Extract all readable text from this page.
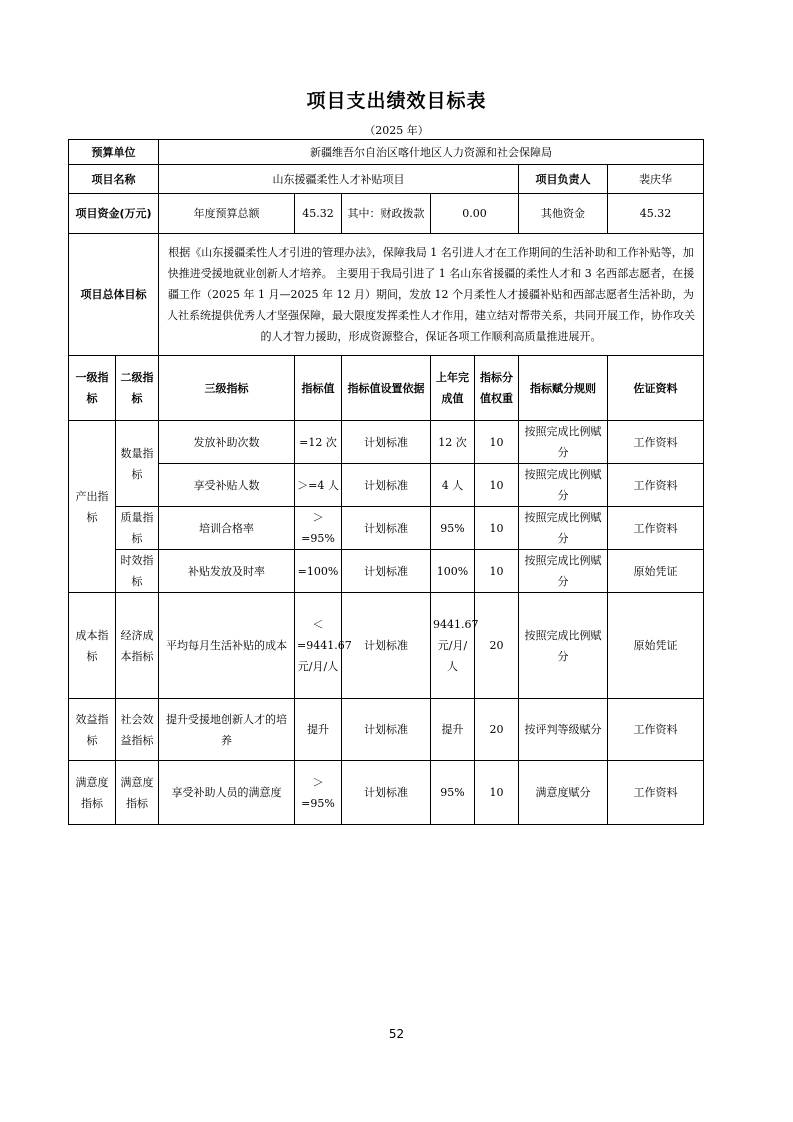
项目支出绩效目标表
（2025 年）
预算单位		新疆维吾尔自治区喀什地区人力资源和社会保障局						
项目名称		山东援疆柔性人才补贴项目					项目负责人	裴庆华
项目资金(万元)		年度预算总额	45.32	其中：财政拨款	0.00		其他资金	45.32
项目总体目标		根据《山东援疆柔性人才引进的管理办法》，保障我局 1 名引进人才在工作期间的生活补助和工作补贴等，加快推进受援地就业创新人才培养。 主要用于我局引进了 1 名山东省援疆的柔性人才和 3 名西部志愿者，在援疆工作（2025 年 1 月—2025 年 12 月）期间，发放 12 个月柔性人才援疆补贴和西部志愿者生活补助，为人社系统提供优秀人才坚强保障，最大限度发挥柔性人才作用，建立结对帮带关系，共同开展工作，协作攻关的人才智力援助，形成资源整合，保证各项工作顺利高质量推进展开。						
一级指标	二级指标	三级指标	指标值	指标值设置依据	上年完成值	指标分值权重	指标赋分规则	佐证资料
产出指标	数量指标	发放补助次数	=12 次	计划标准	12 次	10	按照完成比例赋分	工作资料
		享受补贴人数	＞=4 人	计划标准	4 人	10	按照完成比例赋分	工作资料
	质量指标	培训合格率	＞=95%	计划标准	95%	10	按照完成比例赋分	工作资料
	时效指标	补贴发放及时率	=100%	计划标准	100%	10	按照完成比例赋分	原始凭证
成本指标	经济成本指标	平均每月生活补贴的成本	＜=9441.67 元/月/人	计划标准	9441.67 元/月/人	20	按照完成比例赋分	原始凭证
效益指标	社会效益指标	提升受援地创新人才的培养	提升	计划标准	提升	20	按评判等级赋分	工作资料
满意度指标	满意度指标	享受补助人员的满意度	＞=95%	计划标准	95%	10	满意度赋分	工作资料
52
